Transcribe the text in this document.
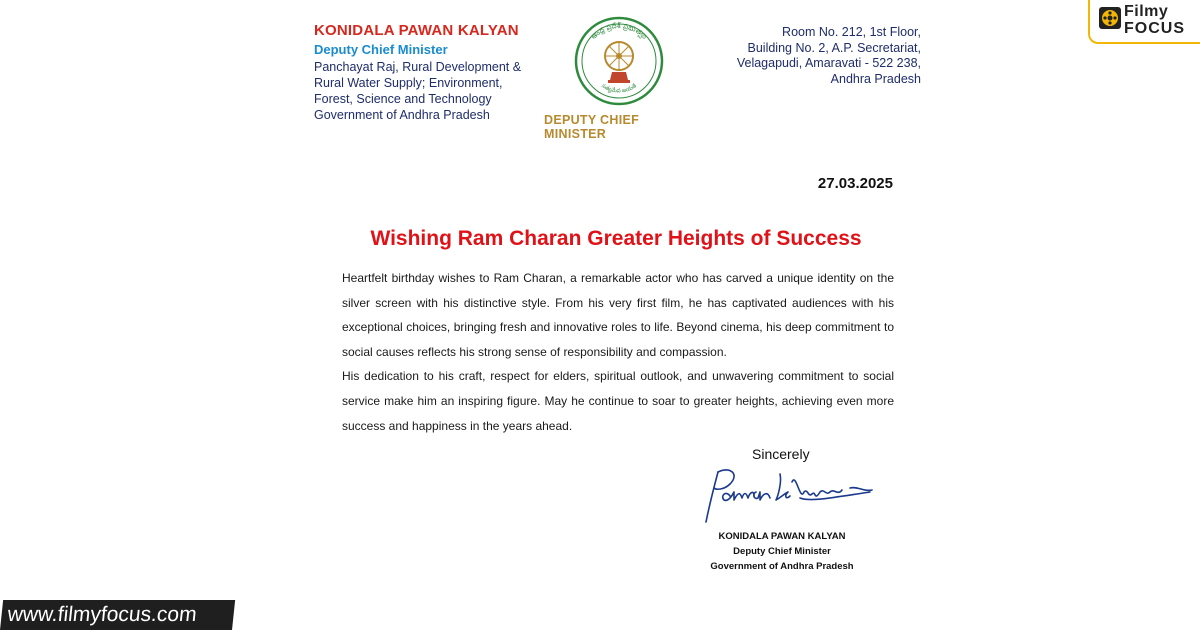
KONIDALA PAWAN KALYAN
Deputy Chief Minister
Panchayat Raj, Rural Development &
Rural Water Supply; Environment,
Forest, Science and Technology
Government of Andhra Pradesh
ఆంధ్ర ప్రదేశ్ ప్రభుత్వం
సత్యమేవ జయతే
DEPUTY CHIEF MINISTER
Room No. 212, 1st Floor,
Building No. 2, A.P. Secretariat,
Velagapudi, Amaravati - 522 238,
Andhra Pradesh
27.03.2025
Wishing Ram Charan Greater Heights of Success

Heartfelt birthday wishes to Ram Charan, a remarkable actor who has carved a unique identity on the silver screen with his distinctive style. From his very first film, he has captivated audiences with his exceptional choices, bringing fresh and innovative roles to life. Beyond cinema, his deep commitment to social causes reflects his strong sense of responsibility and compassion.

His dedication to his craft, respect for elders, spiritual outlook, and unwavering commitment to social service make him an inspiring figure. May he continue to soar to greater heights, achieving even more success and happiness in the years ahead.

Sincerely
KONIDALA PAWAN KALYAN
Deputy Chief Minister
Government of Andhra Pradesh
www.filmyfocus.com
Filmy
FOCUS
